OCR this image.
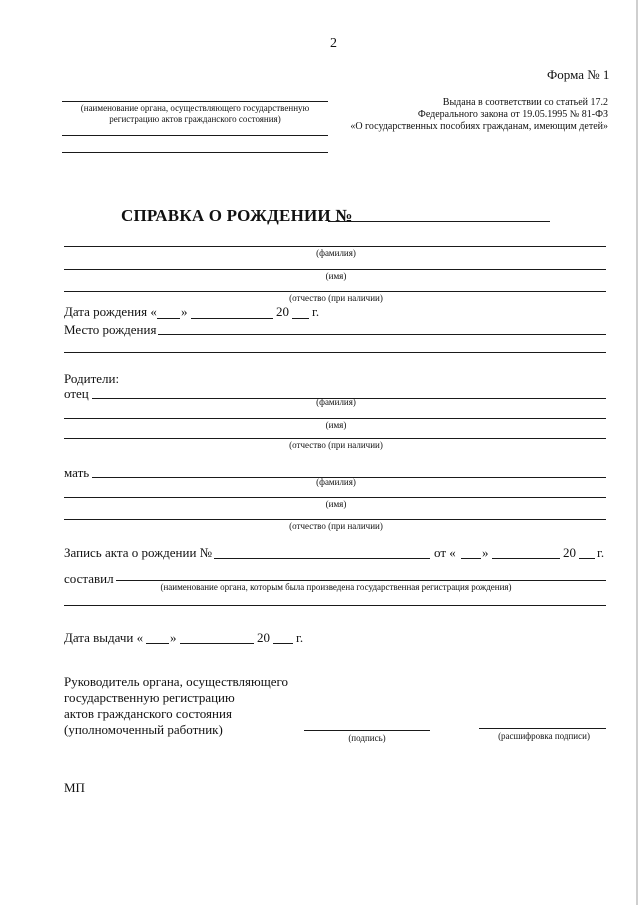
2
Форма № 1
(наименование органа, осуществляющего государственную
регистрацию актов гражданского состояния)
Выдана в соответствии со статьей 17.2
Федерального закона от 19.05.1995 № 81-ФЗ
«О государственных пособиях гражданам, имеющим детей»
СПРАВКА О РОЖДЕНИИ №
(фамилия)
(имя)
(отчество (при наличии)
Дата рождения « »	20 г.
Место рождения
Родители:
отец
(фамилия)
(имя)
(отчество (при наличии)
мать
(фамилия)
(имя)
(отчество (при наличии)
Запись акта о рождении №	от « »	20 г.
составил
(наименование органа, которым была произведена государственная регистрация рождения)
Дата выдачи « »	20 г.
Руководитель органа, осуществляющего
государственную регистрацию
актов гражданского состояния
(уполномоченный работник)
(подпись)	(расшифровка подписи)
МП
